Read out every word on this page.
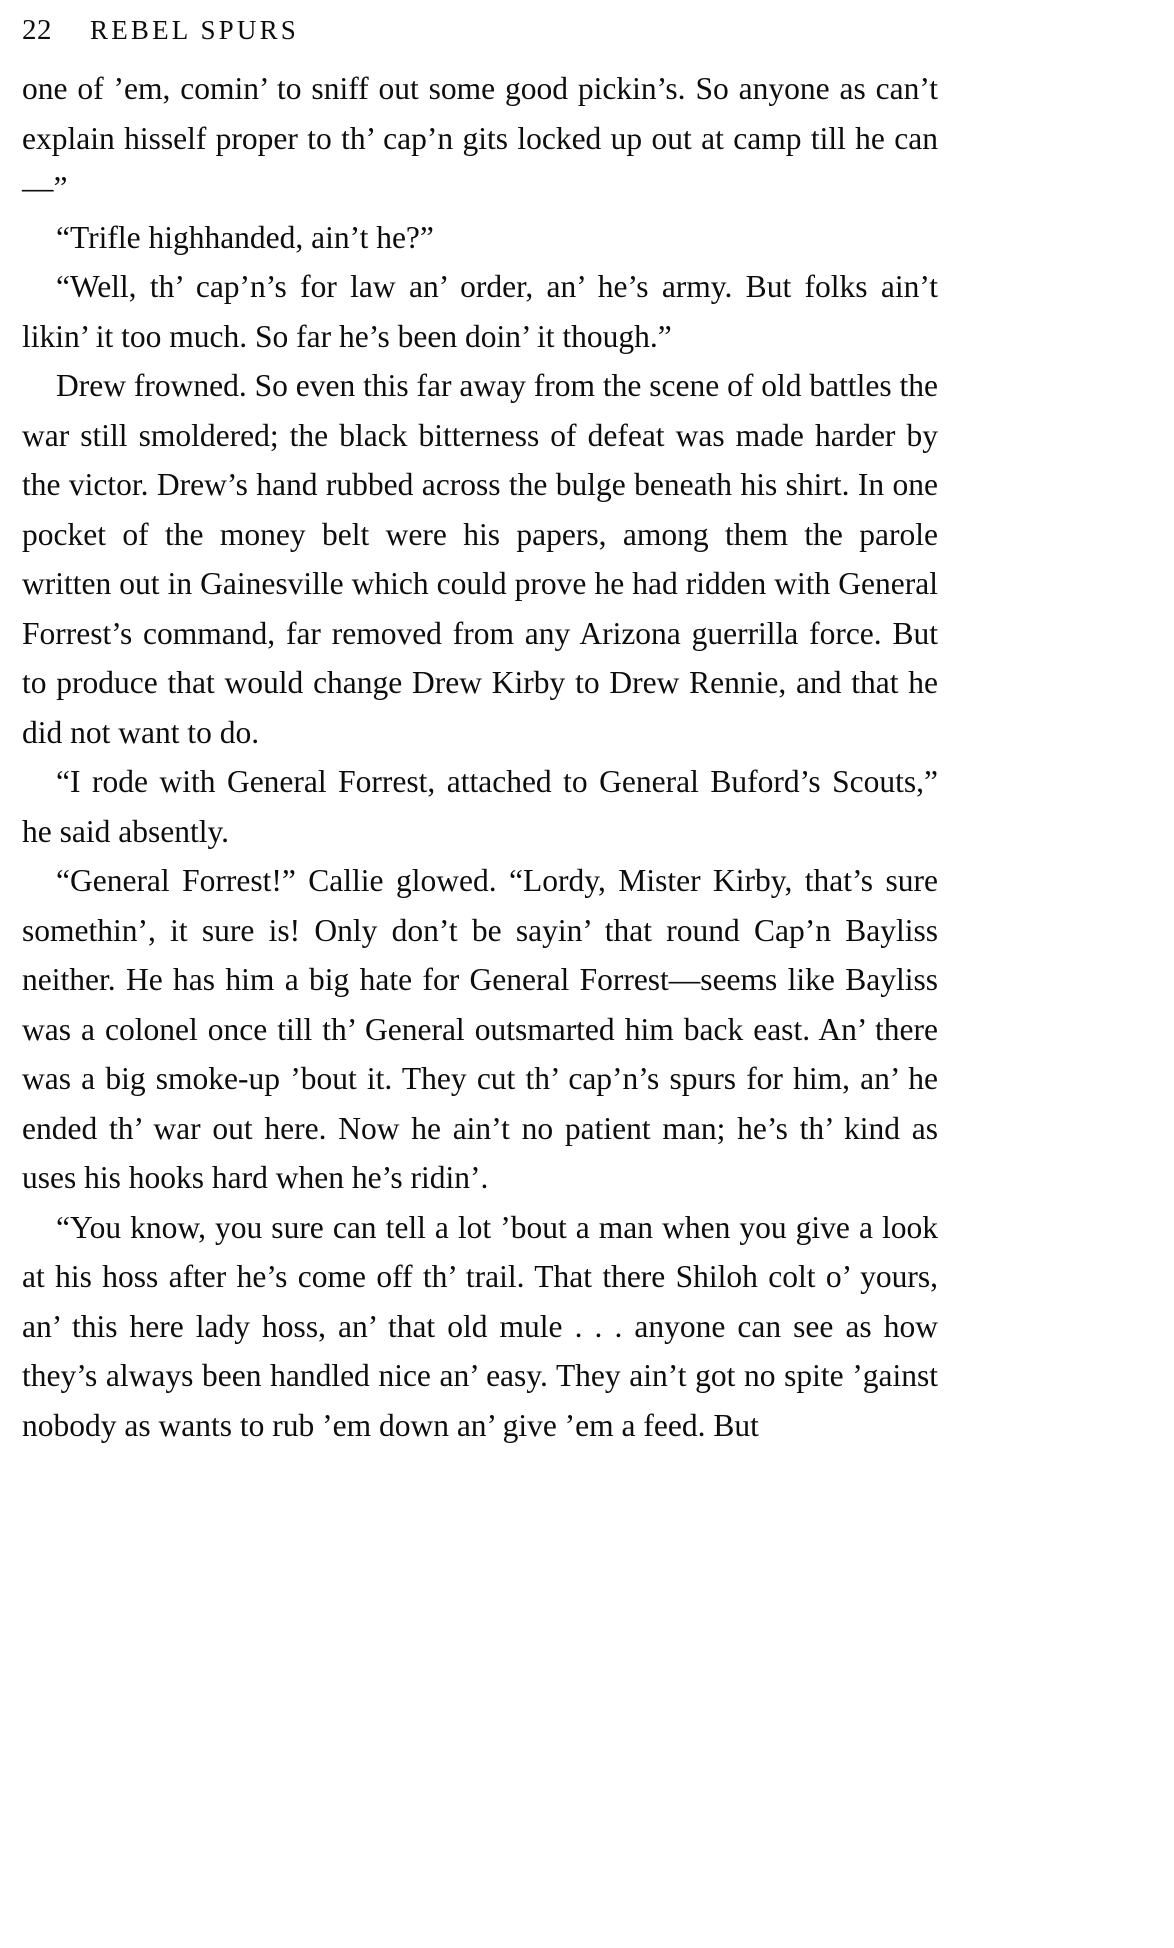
22 REBEL SPURS

one of ’em, comin’ to sniff out some good pickin’s. So anyone as can’t explain hisself proper to th’ cap’n gits locked up out at camp till he can—”

“Trifle highhanded, ain’t he?”

“Well, th’ cap’n’s for law an’ order, an’ he’s army. But folks ain’t likin’ it too much. So far he’s been doin’ it though.”

Drew frowned. So even this far away from the scene of old battles the war still smoldered; the black bitterness of defeat was made harder by the victor. Drew’s hand rubbed across the bulge beneath his shirt. In one pocket of the money belt were his papers, among them the parole written out in Gainesville which could prove he had ridden with General Forrest’s command, far removed from any Arizona guerrilla force. But to produce that would change Drew Kirby to Drew Rennie, and that he did not want to do.

“I rode with General Forrest, attached to General Buford’s Scouts,” he said absently.

“General Forrest!” Callie glowed. “Lordy, Mister Kirby, that’s sure somethin’, it sure is! Only don’t be sayin’ that round Cap’n Bayliss neither. He has him a big hate for General Forrest—seems like Bayliss was a colonel once till th’ General outsmarted him back east. An’ there was a big smoke-up ’bout it. They cut th’ cap’n’s spurs for him, an’ he ended th’ war out here. Now he ain’t no patient man; he’s th’ kind as uses his hooks hard when he’s ridin’.

“You know, you sure can tell a lot ’bout a man when you give a look at his hoss after he’s come off th’ trail. That there Shiloh colt o’ yours, an’ this here lady hoss, an’ that old mule . . . anyone can see as how they’s always been handled nice an’ easy. They ain’t got no spite ’gainst nobody as wants to rub ’em down an’ give ’em a feed. But
